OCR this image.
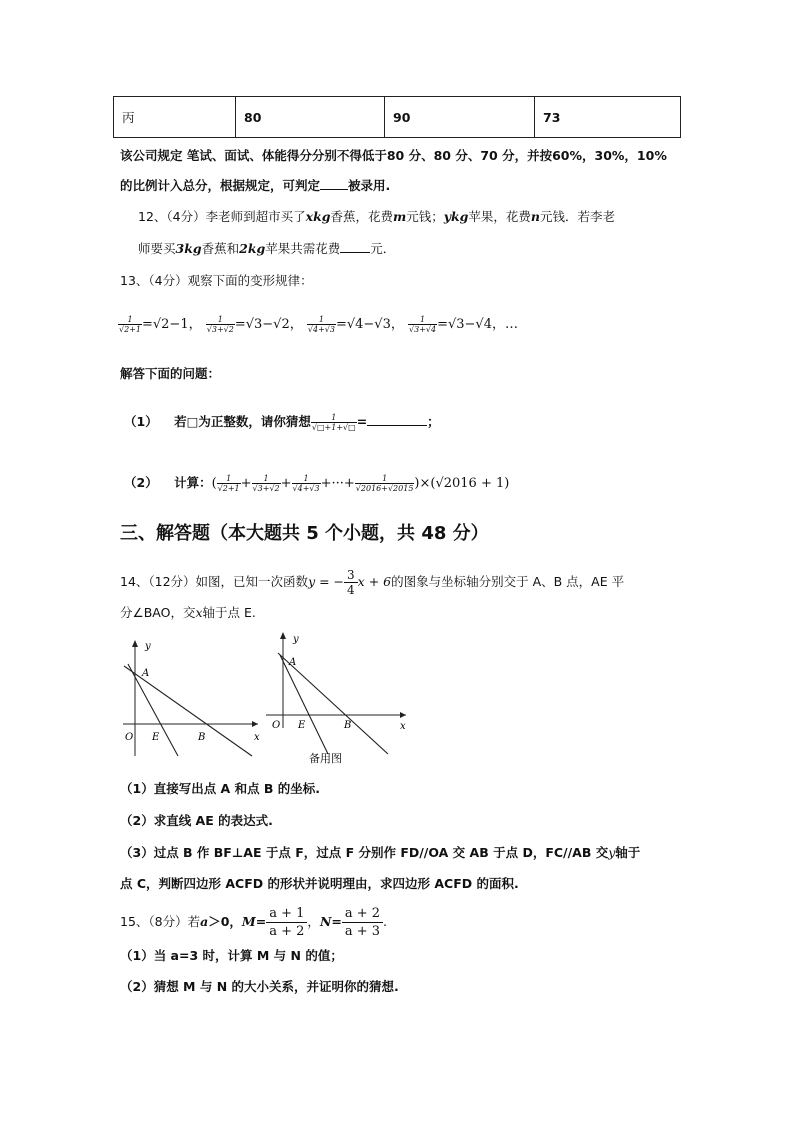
丙	80	90	73
该公司规定 笔试、面试、体能得分分别不得低于80 分、80 分、70 分，并按60%，30%，10%
的比例计入总分，根据规定，可判定 被录用.
12、（4分）李老师到超市买了xkg香蕉，花费m元钱；ykg苹果，花费n元钱．若李老
师要买3kg香蕉和2kg苹果共需花费 元．
13、（4分）观察下面的变形规律：
$\frac{1}{√2+1} =√2-1$， $\frac{1}{√3+√2} =√3-√2$， $\frac{1}{√4+√3} =√4-√3$， $\frac{1}{√3+√4} =√3-√4$，…
解答下面的问题：
（1） 若□为正整数，请你猜想 $\frac{1}{√□+1+√□}$ =	；
（2） 计算：( $\frac{1}{√2+1} + \frac{1}{√3+√2} + \frac{1}{√4+√3}$ +···+ $\frac{1}{√2016+√2015} )\times(√2016 + 1)$
三、解答题（本大题共 5 个小题，共 48 分）
14、（12分）如图，已知一次函数y = − $\frac{3}{4}$ x + 6的图象与坐标轴分别交于 A、B 点，AE 平
分∠BAO，交x轴于点 E.
y
x
O
A
E	B
y
x
O
A
E	B
备用图
（1）直接写出点 A 和点 B 的坐标.
（2）求直线 AE 的表达式.
（3）过点 B 作 BF⊥AE 于点 F，过点 F 分别作 FD//OA 交 AB 于点 D，FC//AB 交y轴于
点 C，判断四边形 ACFD 的形状并说明理由，求四边形 ACFD 的面积.
15、（8分）若a＞0，$M= \frac{a + 1}{a + 2}$ ，$N= \frac{a + 2}{a + 3}$ .
（1）当 a=3 时，计算 M 与 N 的值；
（2）猜想 M 与 N 的大小关系，并证明你的猜想.
